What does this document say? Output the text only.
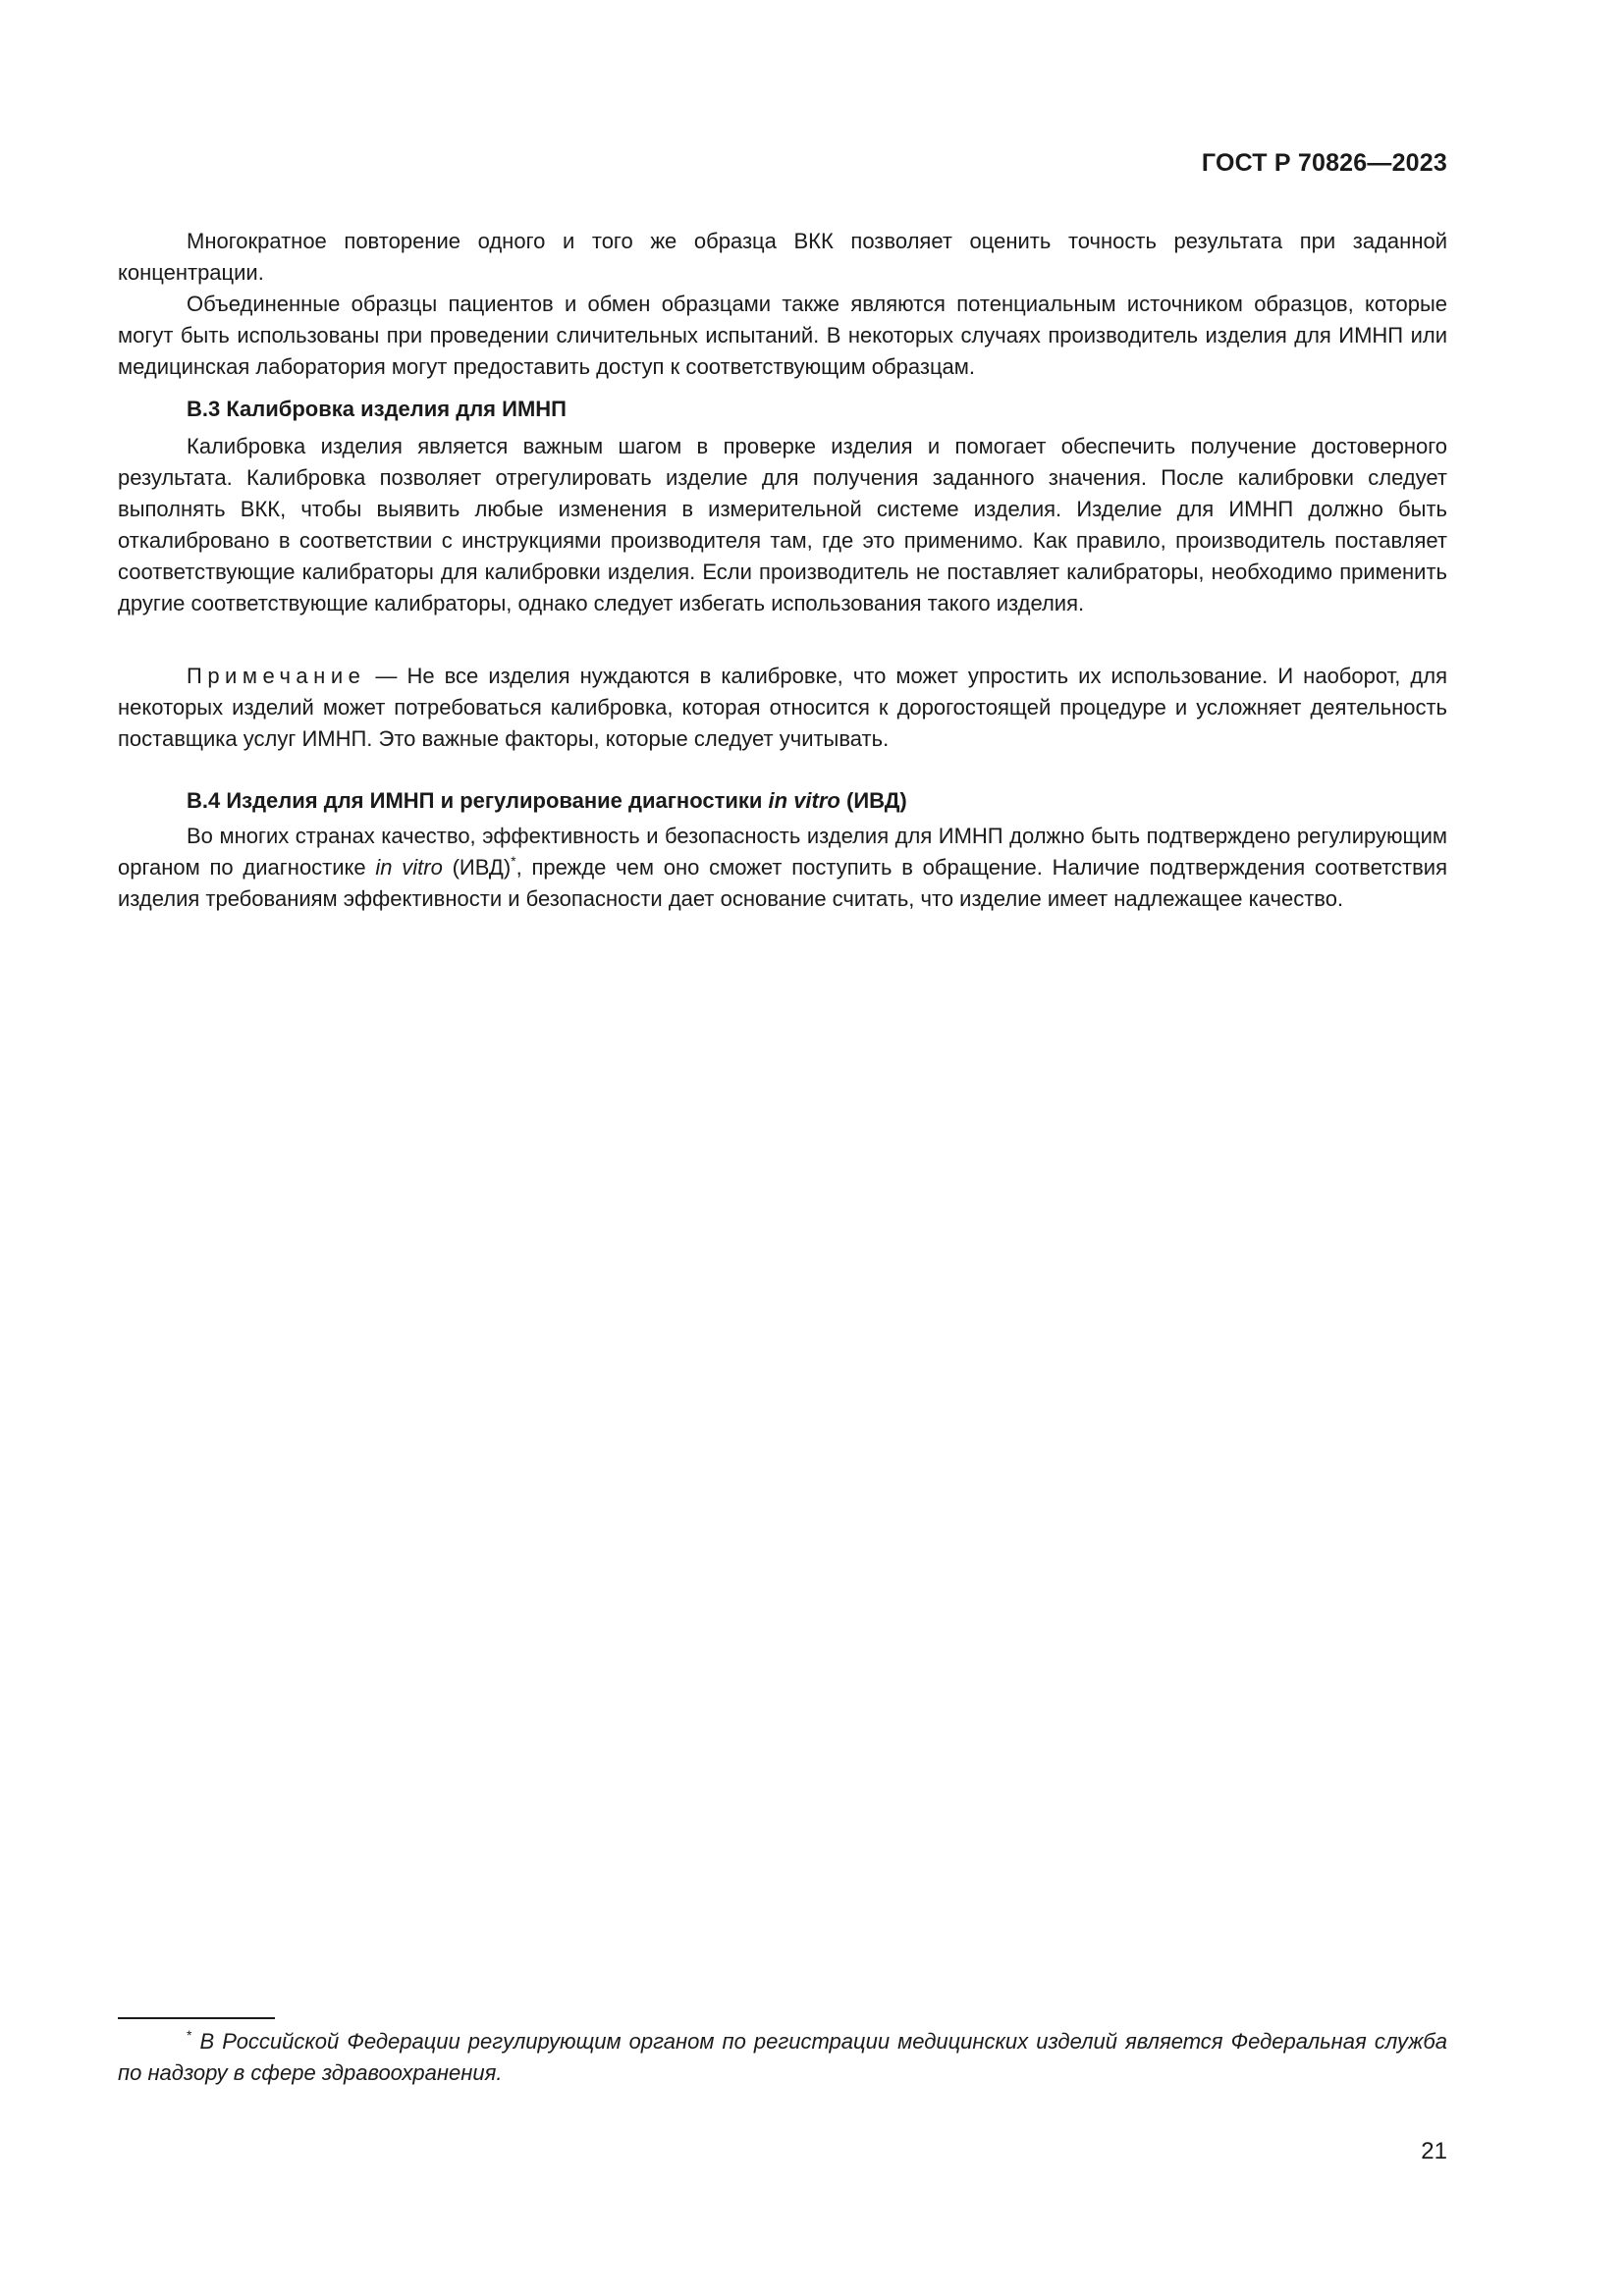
ГОСТ Р 70826—2023

Многократное повторение одного и того же образца ВКК позволяет оценить точность результата при заданной концентрации.

Объединенные образцы пациентов и обмен образцами также являются потенциальным источником образцов, которые могут быть использованы при проведении сличительных испытаний. В некоторых случаях производитель изделия для ИМНП или медицинская лаборатория могут предоставить доступ к соответствующим образцам.

В.3 Калибровка изделия для ИМНП

Калибровка изделия является важным шагом в проверке изделия и помогает обеспечить получение достоверного результата. Калибровка позволяет отрегулировать изделие для получения заданного значения. После калибровки следует выполнять ВКК, чтобы выявить любые изменения в измерительной системе изделия. Изделие для ИМНП должно быть откалибровано в соответствии с инструкциями производителя там, где это применимо. Как правило, производитель поставляет соответствующие калибраторы для калибровки изделия. Если производитель не поставляет калибраторы, необходимо применить другие соответствующие калибраторы, однако следует избегать использования такого изделия.

Примечание — Не все изделия нуждаются в калибровке, что может упростить их использование. И наоборот, для некоторых изделий может потребоваться калибровка, которая относится к дорогостоящей процедуре и усложняет деятельность поставщика услуг ИМНП. Это важные факторы, которые следует учитывать.

В.4 Изделия для ИМНП и регулирование диагностики in vitro (ИВД)

Во многих странах качество, эффективность и безопасность изделия для ИМНП должно быть подтверждено регулирующим органом по диагностике in vitro (ИВД)*, прежде чем оно сможет поступить в обращение. Наличие подтверждения соответствия изделия требованиям эффективности и безопасности дает основание считать, что изделие имеет надлежащее качество.

* В Российской Федерации регулирующим органом по регистрации медицинских изделий является Федеральная служба по надзору в сфере здравоохранения.

21
